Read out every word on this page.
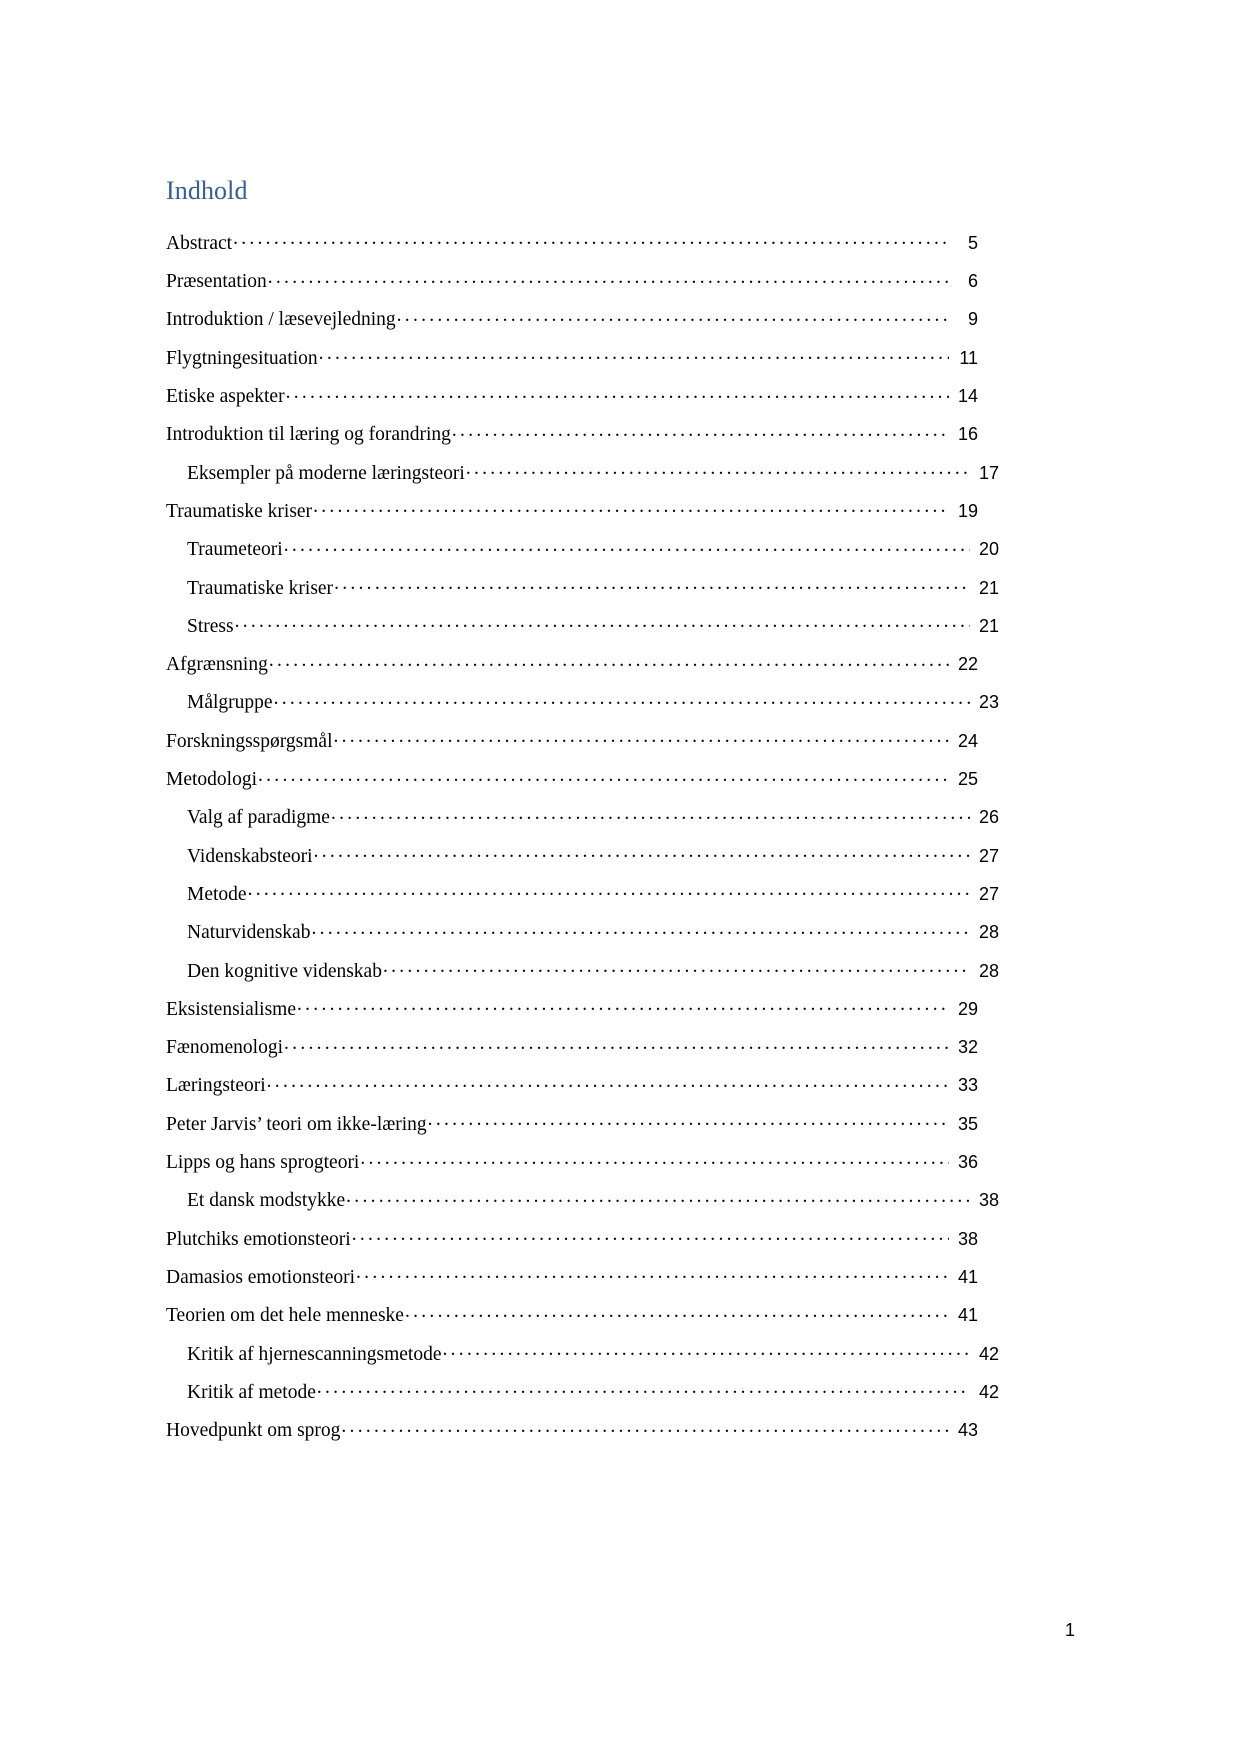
Indhold
Abstract . . .	5
Præsentation . . .	6
Introduktion / læsevejledning . . .	9
Flygtningesituation . . .	11
Etiske aspekter . . .	14
Introduktion til læring og forandring . . .	16
Eksempler på moderne læringsteori . . .	17
Traumatiske kriser . . .	19
Traumeteori . . .	20
Traumatiske kriser . . .	21
Stress . . .	21
Afgrænsning . . .	22
Målgruppe . . .	23
Forskningsspørgsmål . . .	24
Metodologi . . .	25
Valg af paradigme . . .	26
Videnskabsteori . . .	27
Metode . . .	27
Naturvidenskab . . .	28
Den kognitive videnskab . . .	28
Eksistensialisme . . .	29
Fænomenologi . . .	32
Læringsteori . . .	33
Peter Jarvis’ teori om ikke-læring . . .	35
Lipps og hans sprogteori . . .	36
Et dansk modstykke . . .	38
Plutchiks emotionsteori . . .	38
Damasios emotionsteori . . .	41
Teorien om det hele menneske . . .	41
Kritik af hjernescanningsmetode . . .	42
Kritik af metode . . .	42
Hovedpunkt om sprog . . .	43
1
